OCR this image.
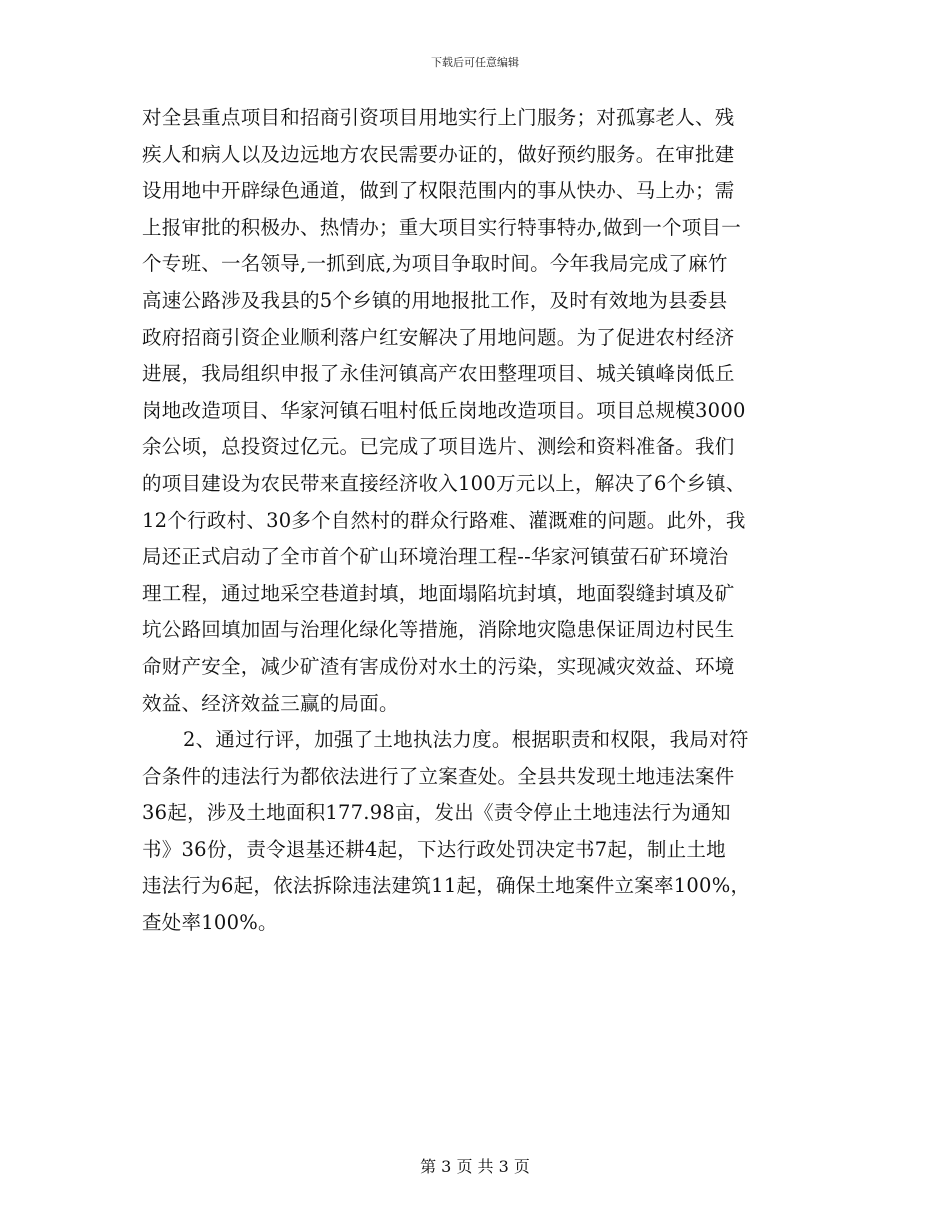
下载后可任意编辑
对全县重点项目和招商引资项目用地实行上门服务；对孤寡老人、残
疾人和病人以及边远地方农民需要办证的，做好预约服务。在审批建
设用地中开辟绿色通道，做到了权限范围内的事从快办、马上办；需
上报审批的积极办、热情办；重大项目实行特事特办,做到一个项目一
个专班、一名领导,一抓到底,为项目争取时间。今年我局完成了麻竹
高速公路涉及我县的5个乡镇的用地报批工作，及时有效地为县委县
政府招商引资企业顺利落户红安解决了用地问题。为了促进农村经济
进展，我局组织申报了永佳河镇高产农田整理项目、城关镇峰岗低丘
岗地改造项目、华家河镇石咀村低丘岗地改造项目。项目总规模3000
余公顷，总投资过亿元。已完成了项目选片、测绘和资料准备。我们
的项目建设为农民带来直接经济收入100万元以上，解决了6个乡镇、
12个行政村、30多个自然村的群众行路难、灌溉难的问题。此外，我
局还正式启动了全市首个矿山环境治理工程--华家河镇萤石矿环境治
理工程，通过地采空巷道封填，地面塌陷坑封填，地面裂缝封填及矿
坑公路回填加固与治理化绿化等措施，消除地灾隐患保证周边村民生
命财产安全，减少矿渣有害成份对水土的污染，实现减灾效益、环境
效益、经济效益三赢的局面。
2、通过行评，加强了土地执法力度。根据职责和权限，我局对符
合条件的违法行为都依法进行了立案查处。全县共发现土地违法案件
36起，涉及土地面积177.98亩，发出《责令停止土地违法行为通知
书》36份，责令退基还耕4起，下达行政处罚决定书7起，制止土地
违法行为6起，依法拆除违法建筑11起，确保土地案件立案率100%，
查处率100%。
第 3 页 共 3 页
